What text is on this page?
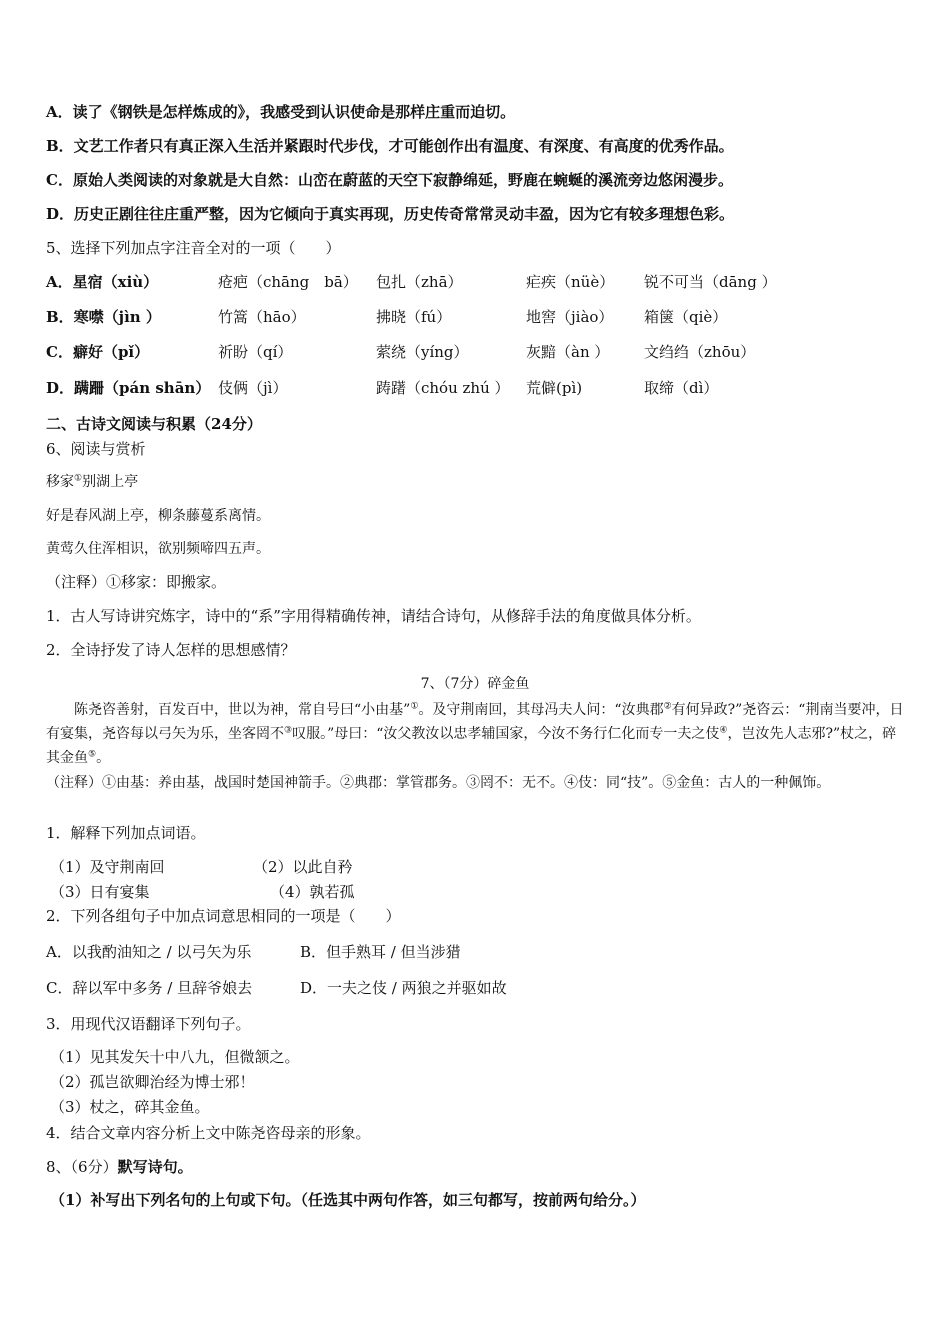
A．读了《钢铁是怎样炼成的》，我感受到认识使命是那样庄重而迫切。
B．文艺工作者只有真正深入生活并紧跟时代步伐，才可能创作出有温度、有深度、有高度的优秀作品。
C．原始人类阅读的对象就是大自然：山峦在蔚蓝的天空下寂静绵延，野鹿在蜿蜒的溪流旁边悠闲漫步。
D．历史正剧往往庄重严整，因为它倾向于真实再现，历史传奇常常灵动丰盈，因为它有较多理想色彩。
5、选择下列加点字注音全对的一项（　　）
A．星宿（xiù）	疮疤（chāng　bā） 包扎（zhā）	疟疾（nüè） 锐不可当（dāng ）
B．寒噤（jìn ）	竹篙（hāo）	拂晓（fú）	地窖（jiào） 箱箧（qiè）
C．癖好（pǐ）	祈盼（qí）	萦绕（yíng）	灰黯（àn ） 文绉绉（zhōu）
D．蹒跚（pán shān） 伎俩（jì）	踌躇（chóu zhú ） 荒僻(pì)	取缔（dì）
二、古诗文阅读与积累（24分）
6、阅读与赏析
移家①别湖上亭
好是春风湖上亭，柳条藤蔓系离情。
黄莺久住浑相识，欲别频啼四五声。
（注释）①移家：即搬家。
1．古人写诗讲究炼字，诗中的“系”字用得精确传神，请结合诗句，从修辞手法的角度做具体分析。
2．全诗抒发了诗人怎样的思想感情？
7、（7分）碎金鱼
陈尧咨善射，百发百中，世以为神，常自号曰“小由基”①。及守荆南回，其母冯夫人问：“汝典郡②有何异政?”尧咨云：“荆南当要冲，日有宴集，尧咨每以弓矢为乐，坐客罔不③叹服。”母曰：“汝父教汝以忠孝辅国家，今汝不务行仁化而专一夫之伎④，岂汝先人志邪?”杖之，碎其金鱼⑤。
（注释）①由基：养由基，战国时楚国神箭手。②典郡：掌管郡务。③罔不：无不。④伎：同“技”。⑤金鱼：古人的一种佩饰。
1．解释下列加点词语。
（1）及守荆南回	（2）以此自矜
（3）日有宴集	（4）孰若孤
2．下列各组句子中加点词意思相同的一项是（　　）
A．以我酌油知之 / 以弓矢为乐	B．但手熟耳 / 但当涉猎
C．辞以军中多务 / 旦辞爷娘去	D．一夫之伎 / 两狼之并驱如故
3．用现代汉语翻译下列句子。
（1）见其发矢十中八九，但微颔之。
（2）孤岂欲卿治经为博士邪！
（3）杖之，碎其金鱼。
4．结合文章内容分析上文中陈尧咨母亲的形象。
8、（6分）默写诗句。
（1）补写出下列名句的上句或下句。（任选其中两句作答，如三句都写，按前两句给分。）
